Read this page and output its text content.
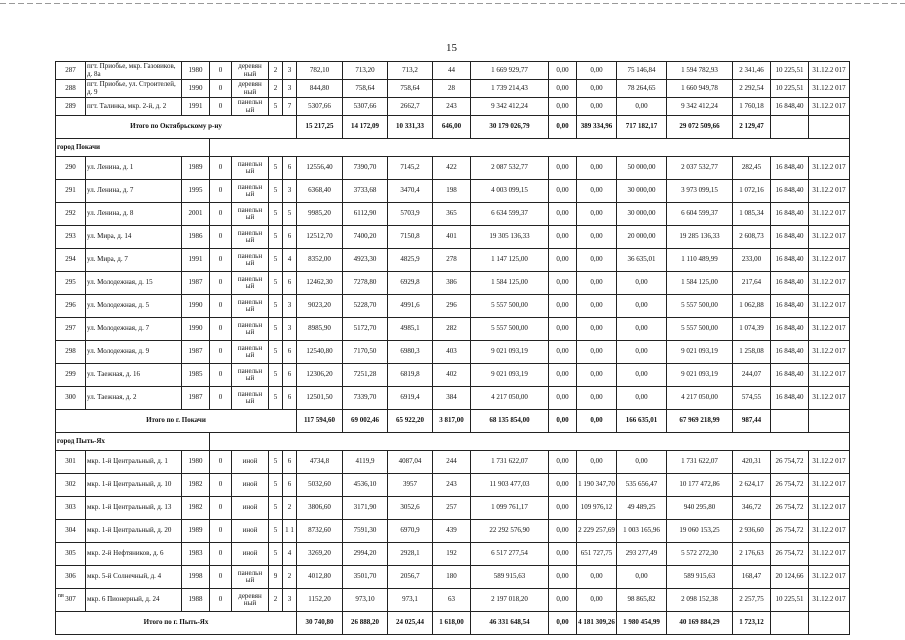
15
287	пгт. Приобье, мкр. Газовиков, д. 8а	1980	0	деревян ный	2	3	782,10	713,20	713,2	44	1 669 929,77	0,00	0,00	75 146,84	1 594 782,93	2 341,46	10 225,51	31.12.2 017
288	пгт. Приобье, ул. Строителей, д. 9	1990	0	деревян ный	2	3	844,80	758,64	758,64	28	1 739 214,43	0,00	0,00	78 264,65	1 660 949,78	2 292,54	10 225,51	31.12.2 017
289	пгт. Талинка, мкр. 2-й, д. 2	1991	0	панельн ый	5	7	5307,66	5307,66	2662,7	243	9 342 412,24	0,00	0,00	0,00	9 342 412,24	1 760,18	16 848,40	31.12.2 017
Итого по Октябрьскому р-ну							15 217,25	14 172,09	10 331,33	646,00	30 179 026,79	0,00	389 334,96	717 182,17	29 072 509,66	2 129,47		
город Покачи																		
290	ул. Ленина, д. 1	1989	0	панельн ый	5	6	12556,40	7390,70	7145,2	422	2 087 532,77	0,00	0,00	50 000,00	2 037 532,77	282,45	16 848,40	31.12.2 017
291	ул. Ленина, д. 7	1995	0	панельн ый	5	3	6368,40	3733,68	3470,4	198	4 003 099,15	0,00	0,00	30 000,00	3 973 099,15	1 072,16	16 848,40	31.12.2 017
292	ул. Ленина, д. 8	2001	0	панельн ый	5	5	9985,20	6112,90	5703,9	365	6 634 599,37	0,00	0,00	30 000,00	6 604 599,37	1 085,34	16 848,40	31.12.2 017
293	ул. Мира, д. 14	1986	0	панельн ый	5	6	12512,70	7400,20	7150,8	401	19 305 136,33	0,00	0,00	20 000,00	19 285 136,33	2 608,73	16 848,40	31.12.2 017
294	ул. Мира, д. 7	1991	0	панельн ый	5	4	8352,00	4923,30	4825,9	278	1 147 125,00	0,00	0,00	36 635,01	1 110 489,99	233,00	16 848,40	31.12.2 017
295	ул. Молодежная, д. 15	1987	0	панельн ый	5	6	12462,30	7278,80	6929,8	386	1 584 125,00	0,00	0,00	0,00	1 584 125,00	217,64	16 848,40	31.12.2 017
296	ул. Молодежная, д. 5	1990	0	панельн ый	5	3	9023,20	5228,70	4991,6	296	5 557 500,00	0,00	0,00	0,00	5 557 500,00	1 062,88	16 848,40	31.12.2 017
297	ул. Молодежная, д. 7	1990	0	панельн ый	5	3	8985,90	5172,70	4985,1	282	5 557 500,00	0,00	0,00	0,00	5 557 500,00	1 074,39	16 848,40	31.12.2 017
298	ул. Молодежная, д. 9	1987	0	панельн ый	5	6	12540,80	7170,50	6980,3	403	9 021 093,19	0,00	0,00	0,00	9 021 093,19	1 258,08	16 848,40	31.12.2 017
299	ул. Таежная, д. 16	1985	0	панельн ый	5	6	12306,20	7251,28	6819,8	402	9 021 093,19	0,00	0,00	0,00	9 021 093,19	244,07	16 848,40	31.12.2 017
300	ул. Таежная, д. 2	1987	0	панельн ый	5	6	12501,50	7339,70	6919,4	384	4 217 050,00	0,00	0,00	0,00	4 217 050,00	574,55	16 848,40	31.12.2 017
Итого по г. Покачи							117 594,60	69 002,46	65 922,20	3 817,00	68 135 854,00	0,00	0,00	166 635,01	67 969 218,99	987,44		
город Пыть-Ях																		
301	мкр. 1-й Центральный, д. 1	1980	0	иной	5	6	4734,8	4119,9	4087,04	244	1 731 622,07	0,00	0,00	0,00	1 731 622,07	420,31	26 754,72	31.12.2 017
302	мкр. 1-й Центральный, д. 10	1982	0	иной	5	6	5032,60	4536,10	3957	243	11 903 477,03	0,00	1 190 347,70	535 656,47	10 177 472,86	2 624,17	26 754,72	31.12.2 017
303	мкр. 1-й Центральный, д. 13	1982	0	иной	5	2	3806,60	3171,90	3052,6	257	1 099 761,17	0,00	109 976,12	49 489,25	940 295,80	346,72	26 754,72	31.12.2 017
304	мкр. 1-й Центральный, д. 20	1989	0	иной	5	1 1	8732,60	7591,30	6970,9	439	22 292 576,90	0,00	2 229 257,69	1 003 165,96	19 060 153,25	2 936,60	26 754,72	31.12.2 017
305	мкр. 2-й Нефтяников, д. 6	1983	0	иной	5	4	3269,20	2994,20	2928,1	192	6 517 277,54	0,00	651 727,75	293 277,49	5 572 272,30	2 176,63	26 754,72	31.12.2 017
306	мкр. 5-й Солнечный, д. 4	1998	0	панельн ый	9	2	4012,80	3501,70	2056,7	180	589 915,63	0,00	0,00	0,00	589 915,63	168,47	20 124,66	31.12.2 017
307	мкр. 6 Пионерный, д. 24	1988	0	деревян ный	2	3	1152,20	973,10	973,1	63	2 197 018,20	0,00	0,00	98 865,82	2 098 152,38	2 257,75	10 225,51	31.12.2 017
Итого по г. Пыть-Ях							30 740,80	26 888,20	24 025,44	1 618,00	46 331 648,54	0,00	4 181 309,26	1 980 454,99	40 169 884,29	1 723,12		
nв
